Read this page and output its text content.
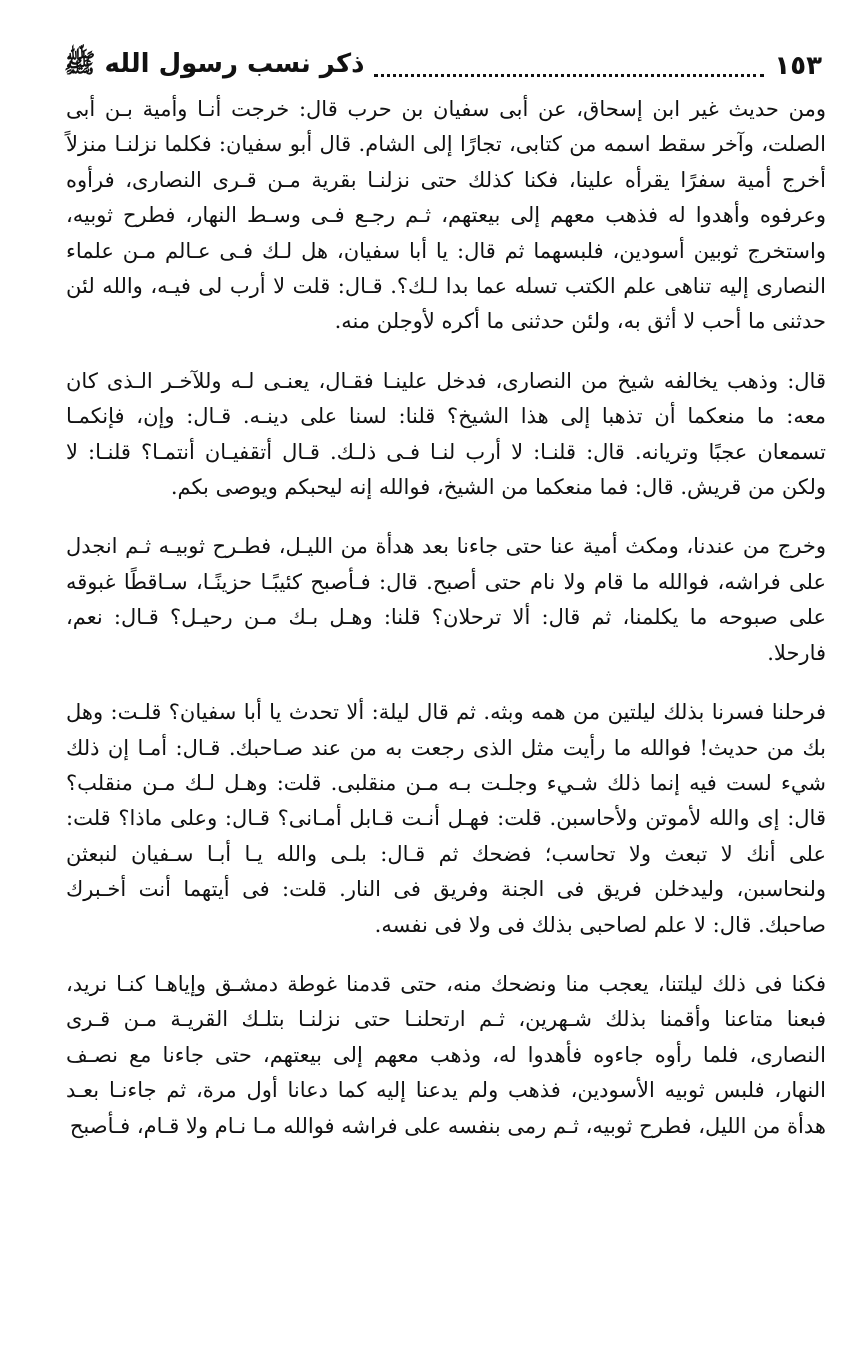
ذكر نسب رسول الله ﷺ	١٥٣

ومن حديث غير ابن إسحاق، عن أبى سفيان بن حرب قال: خرجت أنـا وأمية بـن أبى الصلت، وآخر سقط اسمه من كتابى، تجارًا إلى الشام. قال أبو سفيان: فكلما نزلنـا منزلاً أخرج أمية سفرًا يقرأه علينا، فكنا كذلك حتى نزلنـا بقرية مـن قـرى النصارى، فرأوه وعرفوه وأهدوا له فذهب معهم إلى بيعتهم، ثـم رجـع فـى وسـط النهار، فطرح ثوبيه، واستخرج ثوبين أسودين، فلبسهما ثم قال: يا أبا سفيان، هل لـك فـى عـالم مـن علماء النصارى إليه تناهى علم الكتب تسله عما بدا لـك؟. قـال: قلت لا أرب لى فيـه، والله لئن حدثنى ما أحب لا أثق به، ولئن حدثنى ما أكره لأوجلن منه.

قال: وذهب يخالفه شيخ من النصارى، فدخل علينـا فقـال، يعنـى لـه وللآخـر الـذى كان معه: ما منعكما أن تذهبا إلى هذا الشيخ؟ قلنا: لسنا على دينـه. قـال: وإن، فإنكمـا تسمعان عجبًا وتريانه. قال: قلنـا: لا أرب لنـا فـى ذلـك. قـال أتقفيـان أنتمـا؟ قلنـا: لا ولكن من قريش. قال: فما منعكما من الشيخ، فوالله إنه ليحبكم ويوصى بكم.

وخرج من عندنا، ومكث أمية عنا حتى جاءنا بعد هدأة من الليـل، فطـرح ثوبيـه ثـم انجدل على فراشه، فوالله ما قام ولا نام حتى أصبح. قال: فـأصبح كئيبًـا حزينًـا، سـاقطًا غبوقه على صبوحه ما يكلمنا، ثم قال: ألا ترحلان؟ قلنا: وهـل بـك مـن رحيـل؟ قـال: نعم، فارحلا.

فرحلنا فسرنا بذلك ليلتين من همه وبثه. ثم قال ليلة: ألا تحدث يا أبا سفيان؟ قلـت: وهل بك من حديث! فوالله ما رأيت مثل الذى رجعت به من عند صـاحبك. قـال: أمـا إن ذلك شيء لست فيه إنما ذلك شـيء وجلـت بـه مـن منقلبى. قلت: وهـل لـك مـن منقلب؟ قال: إى والله لأموتن ولأحاسبن. قلت: فهـل أنـت قـابل أمـانى؟ قـال: وعلى ماذا؟ قلت: على أنك لا تبعث ولا تحاسب؛ فضحك ثم قـال: بلـى والله يـا أبـا سـفيان لنبعثن ولنحاسبن، وليدخلن فريق فى الجنة وفريق فى النار. قلت: فى أيتهما أنت أخـبرك صاحبك. قال: لا علم لصاحبى بذلك فى ولا فى نفسه.

فكنا فى ذلك ليلتنا، يعجب منا ونضحك منه، حتى قدمنا غوطة دمشـق وإياهـا كنـا نريد، فبعنا متاعنا وأقمنا بذلك شـهرين، ثـم ارتحلنـا حتى نزلنـا بتلـك القريـة مـن قـرى النصارى، فلما رأوه جاءوه فأهدوا له، وذهب معهم إلى بيعتهم، حتى جاءنا مع نصـف النهار، فلبس ثوبيه الأسودين، فذهب ولم يدعنا إليه كما دعانا أول مرة، ثم جاءنـا بعـد هدأة من الليل، فطرح ثوبيه، ثـم رمى بنفسه على فراشه فوالله مـا نـام ولا قـام، فـأصبح
